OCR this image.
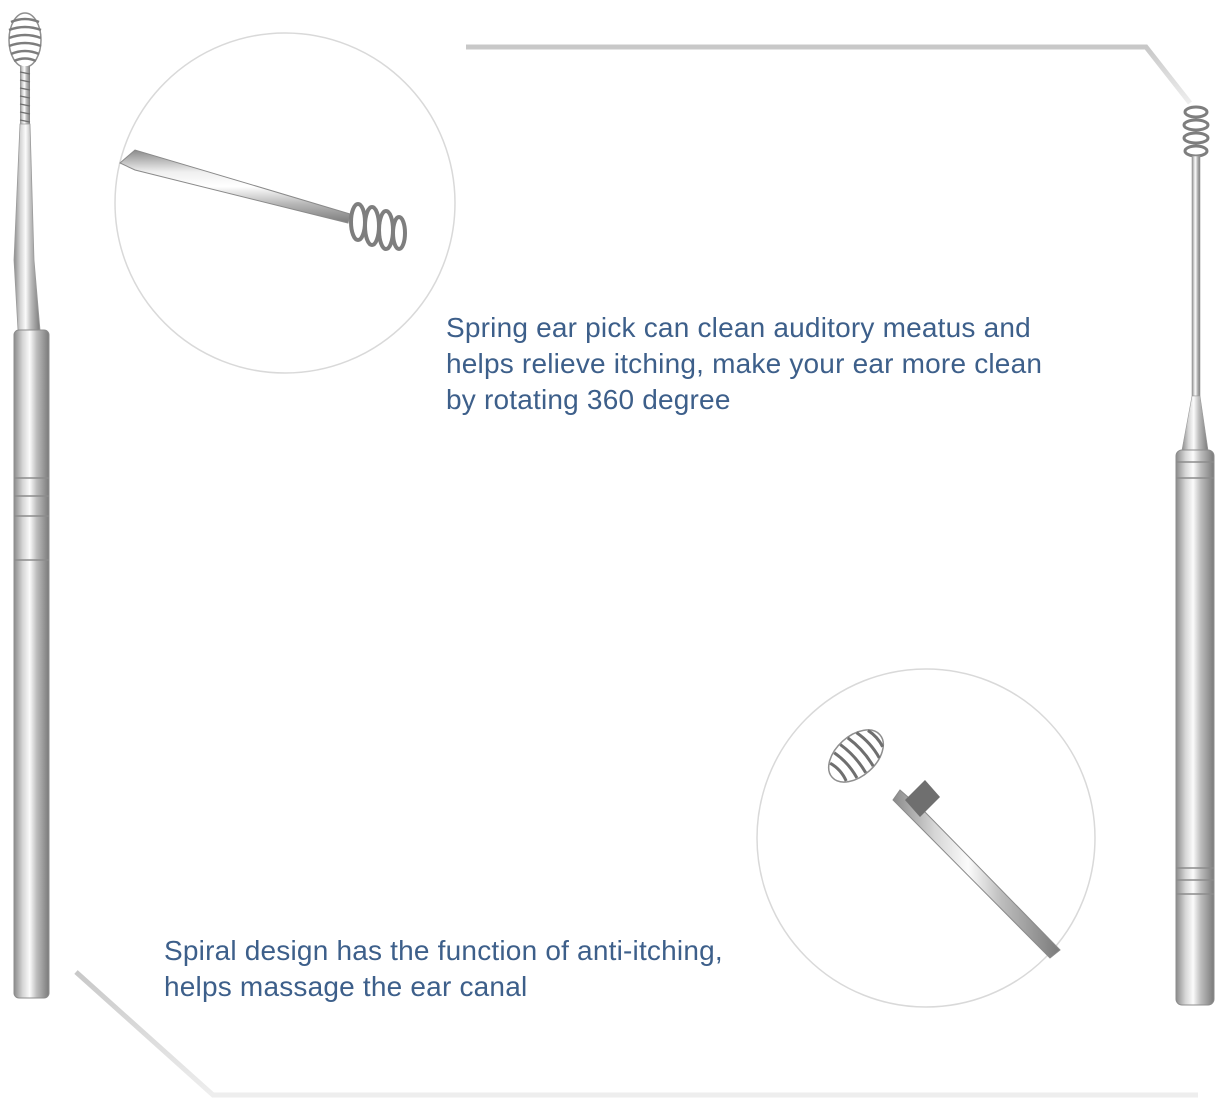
Spring ear pick can clean auditory meatus and
helps relieve itching, make your ear more clean
by rotating 360 degree

Spiral design has the function of anti-itching,
helps massage the ear canal
